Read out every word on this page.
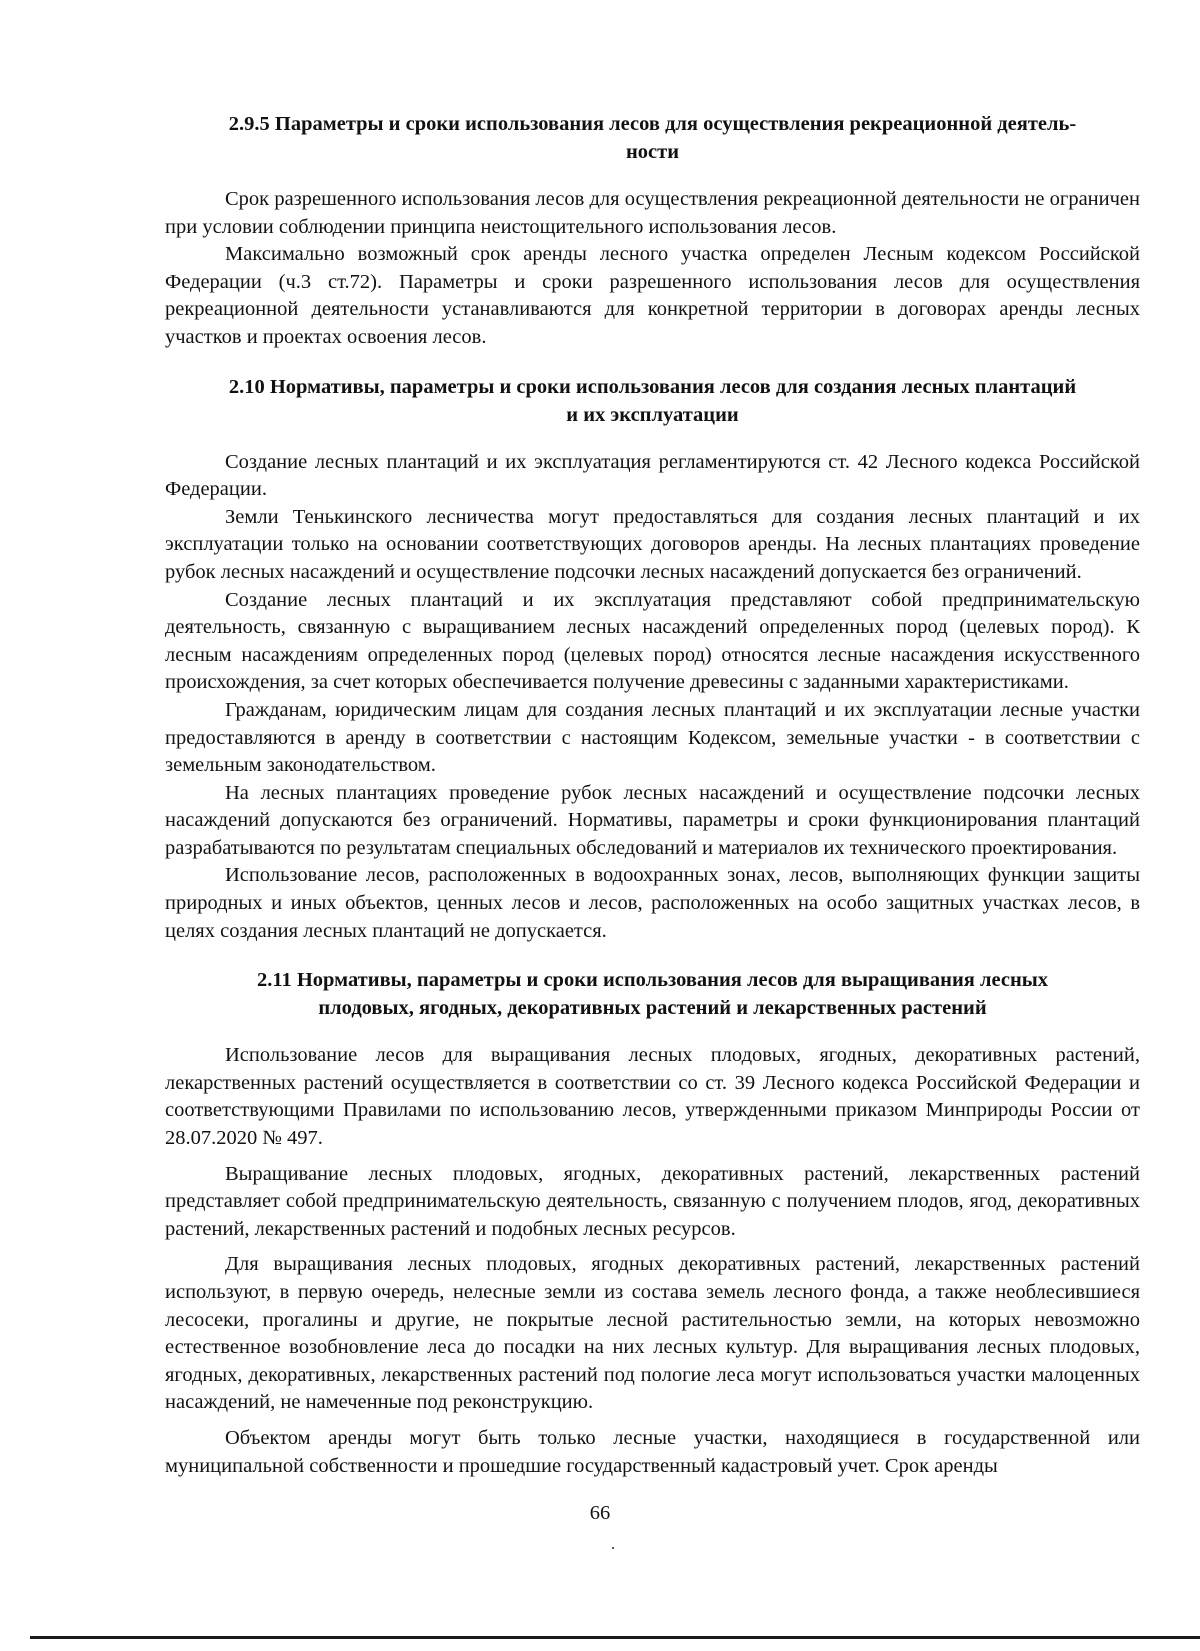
2.9.5 Параметры и сроки использования лесов для осуществления рекреационной деятель-
ности

Срок разрешенного использования лесов для осуществления рекреационной деятельности не ограничен при условии соблюдении принципа неистощительного использования лесов.

Максимально возможный срок аренды лесного участка определен Лесным кодексом Российской Федерации (ч.3 ст.72). Параметры и сроки разрешенного использования лесов для осуществления рекреационной деятельности устанавливаются для конкретной территории в договорах аренды лесных участков и проектах освоения лесов.

2.10 Нормативы, параметры и сроки использования лесов для создания лесных плантаций
и их эксплуатации

Создание лесных плантаций и их эксплуатация регламентируются ст. 42 Лесного кодекса Российской Федерации.

Земли Тенькинского лесничества могут предоставляться для создания лесных плантаций и их эксплуатации только на основании соответствующих договоров аренды. На лесных плантациях проведение рубок лесных насаждений и осуществление подсочки лесных насаждений допускается без ограничений.

Создание лесных плантаций и их эксплуатация представляют собой предпринимательскую деятельность, связанную с выращиванием лесных насаждений определенных пород (целевых пород). К лесным насаждениям определенных пород (целевых пород) относятся лесные насаждения искусственного происхождения, за счет которых обеспечивается получение древесины с заданными характеристиками.

Гражданам, юридическим лицам для создания лесных плантаций и их эксплуатации лесные участки предоставляются в аренду в соответствии с настоящим Кодексом, земельные участки - в соответствии с земельным законодательством.

На лесных плантациях проведение рубок лесных насаждений и осуществление подсочки лесных насаждений допускаются без ограничений. Нормативы, параметры и сроки функционирования плантаций разрабатываются по результатам специальных обследований и материалов их технического проектирования.

Использование лесов, расположенных в водоохранных зонах, лесов, выполняющих функции защиты природных и иных объектов, ценных лесов и лесов, расположенных на особо защитных участках лесов, в целях создания лесных плантаций не допускается.

2.11 Нормативы, параметры и сроки использования лесов для выращивания лесных
плодовых, ягодных, декоративных растений и лекарственных растений

Использование лесов для выращивания лесных плодовых, ягодных, декоративных растений, лекарственных растений осуществляется в соответствии со ст. 39 Лесного кодекса Российской Федерации и соответствующими Правилами по использованию лесов, утвержденными приказом Минприроды России от 28.07.2020 № 497.

Выращивание лесных плодовых, ягодных, декоративных растений, лекарственных растений представляет собой предпринимательскую деятельность, связанную с получением плодов, ягод, декоративных растений, лекарственных растений и подобных лесных ресурсов.

Для выращивания лесных плодовых, ягодных декоративных растений, лекарственных растений используют, в первую очередь, нелесные земли из состава земель лесного фонда, а также необлесившиеся лесосеки, прогалины и другие, не покрытые лесной растительностью земли, на которых невозможно естественное возобновление леса до посадки на них лесных культур. Для выращивания лесных плодовых, ягодных, декоративных, лекарственных растений под пологие леса могут использоваться участки малоценных насаждений, не намеченные под реконструкцию.

Объектом аренды могут быть только лесные участки, находящиеся в государственной или муниципальной собственности и прошедшие государственный кадастровый учет. Срок аренды

66
